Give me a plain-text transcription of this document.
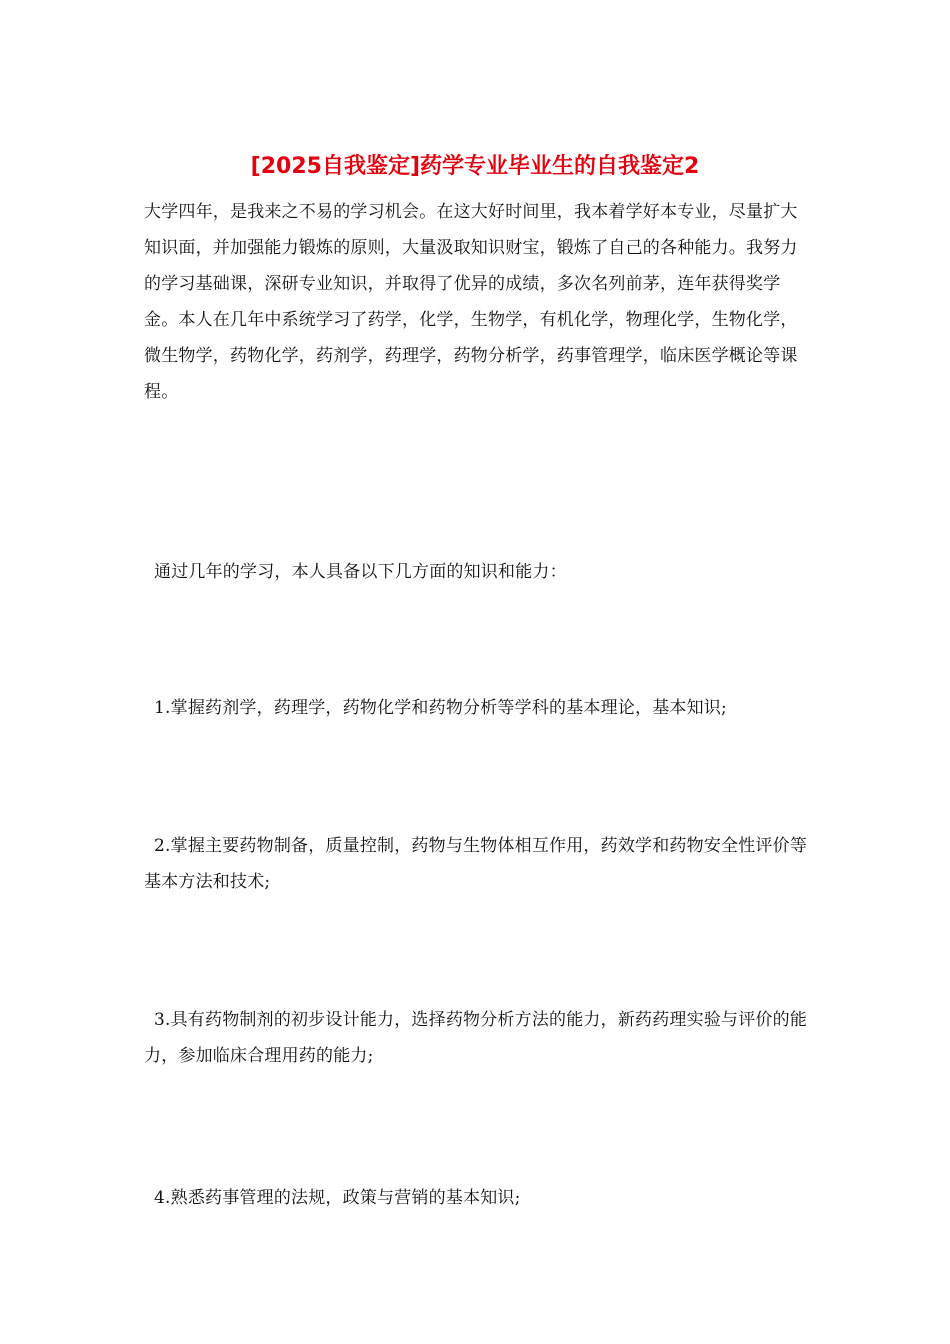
[2025自我鉴定]药学专业毕业生的自我鉴定2

大学四年，是我来之不易的学习机会。在这大好时间里，我本着学好本专业，尽量扩大知识面，并加强能力锻炼的原则，大量汲取知识财宝，锻炼了自己的各种能力。我努力的学习基础课，深研专业知识，并取得了优异的成绩，多次名列前茅，连年获得奖学金。本人在几年中系统学习了药学，化学，生物学，有机化学，物理化学，生物化学，微生物学，药物化学，药剂学，药理学，药物分析学，药事管理学，临床医学概论等课程。

通过几年的学习，本人具备以下几方面的知识和能力：

1.掌握药剂学，药理学，药物化学和药物分析等学科的基本理论，基本知识;

2.掌握主要药物制备，质量控制，药物与生物体相互作用，药效学和药物安全性评价等基本方法和技术;

3.具有药物制剂的初步设计能力，选择药物分析方法的能力，新药药理实验与评价的能力，参加临床合理用药的能力;

4.熟悉药事管理的法规，政策与营销的基本知识;
